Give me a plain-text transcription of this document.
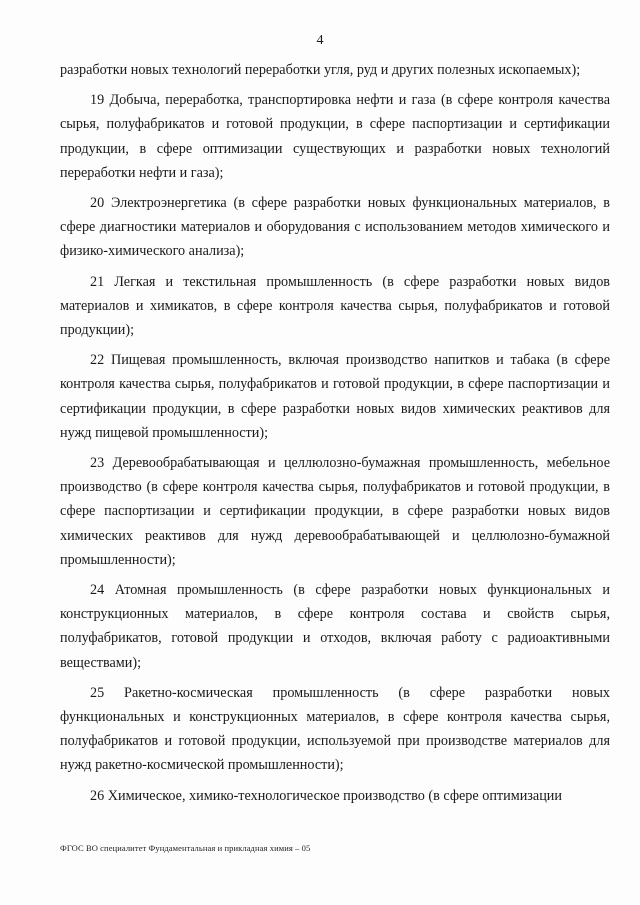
4

разработки новых технологий переработки угля, руд и других полезных ископаемых);

19 Добыча, переработка, транспортировка нефти и газа (в сфере контроля качества сырья, полуфабрикатов и готовой продукции, в сфере паспортизации и сертификации продукции, в сфере оптимизации существующих и разработки новых технологий переработки нефти и газа);

20 Электроэнергетика (в сфере разработки новых функциональных материалов, в сфере диагностики материалов и оборудования с использованием методов химического и физико-химического анализа);

21 Легкая и текстильная промышленность (в сфере разработки новых видов материалов и химикатов, в сфере контроля качества сырья, полуфабрикатов и готовой продукции);

22 Пищевая промышленность, включая производство напитков и табака (в сфере контроля качества сырья, полуфабрикатов и готовой продукции, в сфере паспортизации и сертификации продукции, в сфере разработки новых видов химических реактивов для нужд пищевой промышленности);

23 Деревообрабатывающая и целлюлозно-бумажная промышленность, мебельное производство (в сфере контроля качества сырья, полуфабрикатов и готовой продукции, в сфере паспортизации и сертификации продукции, в сфере разработки новых видов химических реактивов для нужд деревообрабатывающей и целлюлозно-бумажной промышленности);

24 Атомная промышленность (в сфере разработки новых функциональных и конструкционных материалов, в сфере контроля состава и свойств сырья, полуфабрикатов, готовой продукции и отходов, включая работу с радиоактивными веществами);

25 Ракетно-космическая промышленность (в сфере разработки новых функциональных и конструкционных материалов, в сфере контроля качества сырья, полуфабрикатов и готовой продукции, используемой при производстве материалов для нужд ракетно-космической промышленности);

26 Химическое, химико-технологическое производство (в сфере оптимизации

ФГОС ВО специалитет Фундаментальная и прикладная химия – 05
